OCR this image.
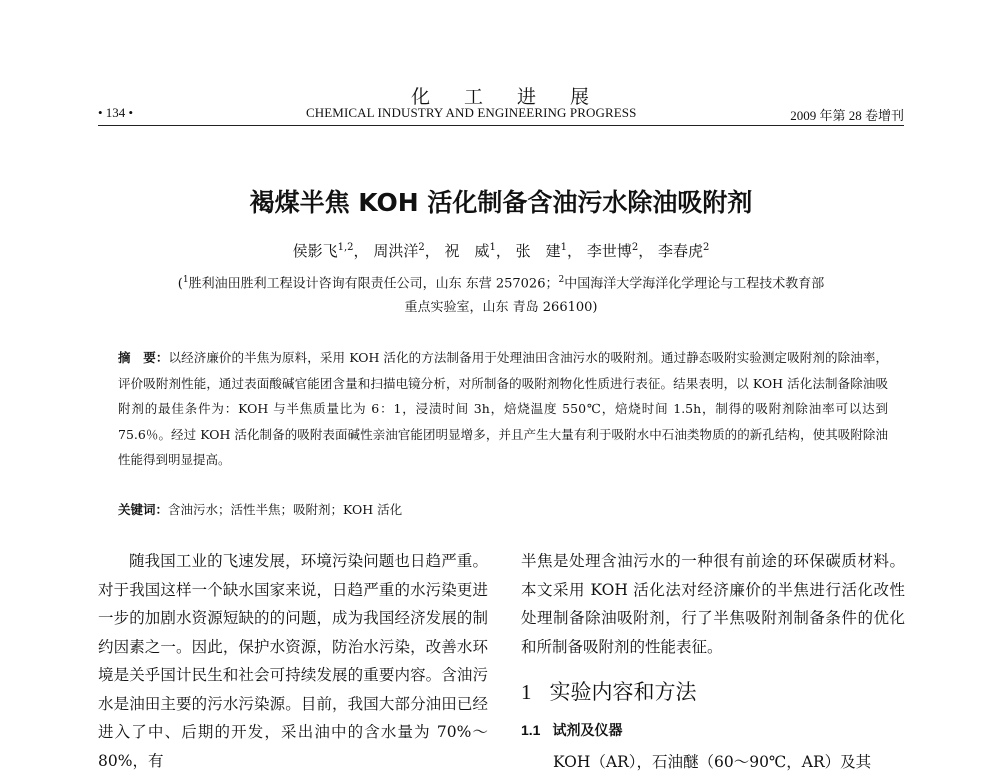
化工进展
• 134 •	CHEMICAL INDUSTRY AND ENGINEERING PROGRESS	2009 年第 28 卷增刊
褐煤半焦 KOH 活化制备含油污水除油吸附剂
侯影飞$^{1,2}$， 周洪洋$^2$， 祝　威$^1$， 张　建$^1$， 李世博$^2$， 李春虎$^2$
($^1$胜利油田胜利工程设计咨询有限责任公司，山东 东营 257026；$^2$中国海洋大学海洋化学理论与工程技术教育部
重点实验室，山东 青岛 266100)
摘　要：以经济廉价的半焦为原料，采用 KOH 活化的方法制备用于处理油田含油污水的吸附剂。通过静态吸附实验测定吸附剂的除油率，评价吸附剂性能，通过表面酸碱官能团含量和扫描电镜分析，对所制备的吸附剂物化性质进行表征。结果表明，以 KOH 活化法制备除油吸附剂的最佳条件为：KOH 与半焦质量比为 6：1，浸渍时间 3h，焙烧温度 550℃，焙烧时间 1.5h，制得的吸附剂除油率可以达到 75.6％。经过 KOH 活化制备的吸附表面碱性亲油官能团明显增多，并且产生大量有利于吸附水中石油类物质的的新孔结构，使其吸附除油性能得到明显提高。
关键词：含油污水；活性半焦；吸附剂；KOH 活化
随我国工业的飞速发展，环境污染问题也日趋严重。对于我国这样一个缺水国家来说，日趋严重的水污染更进一步的加剧水资源短缺的的问题，成为我国经济发展的制约因素之一。因此，保护水资源，防治水污染，改善水环境是关乎国计民生和社会可持续发展的重要内容。含油污水是油田主要的污水污染源。目前，我国大部分油田已经进入了中、后期的开发，采出油中的含水量为 70%～80%，有
半焦是处理含油污水的一种很有前途的环保碳质材料。本文采用 KOH 活化法对经济廉价的半焦进行活化改性处理制备除油吸附剂，行了半焦吸附剂制备条件的优化和所制备吸附剂的性能表征。
1 实验内容和方法
1.1 试剂及仪器
KOH（AR），石油醚（60～90℃，AR）及其
